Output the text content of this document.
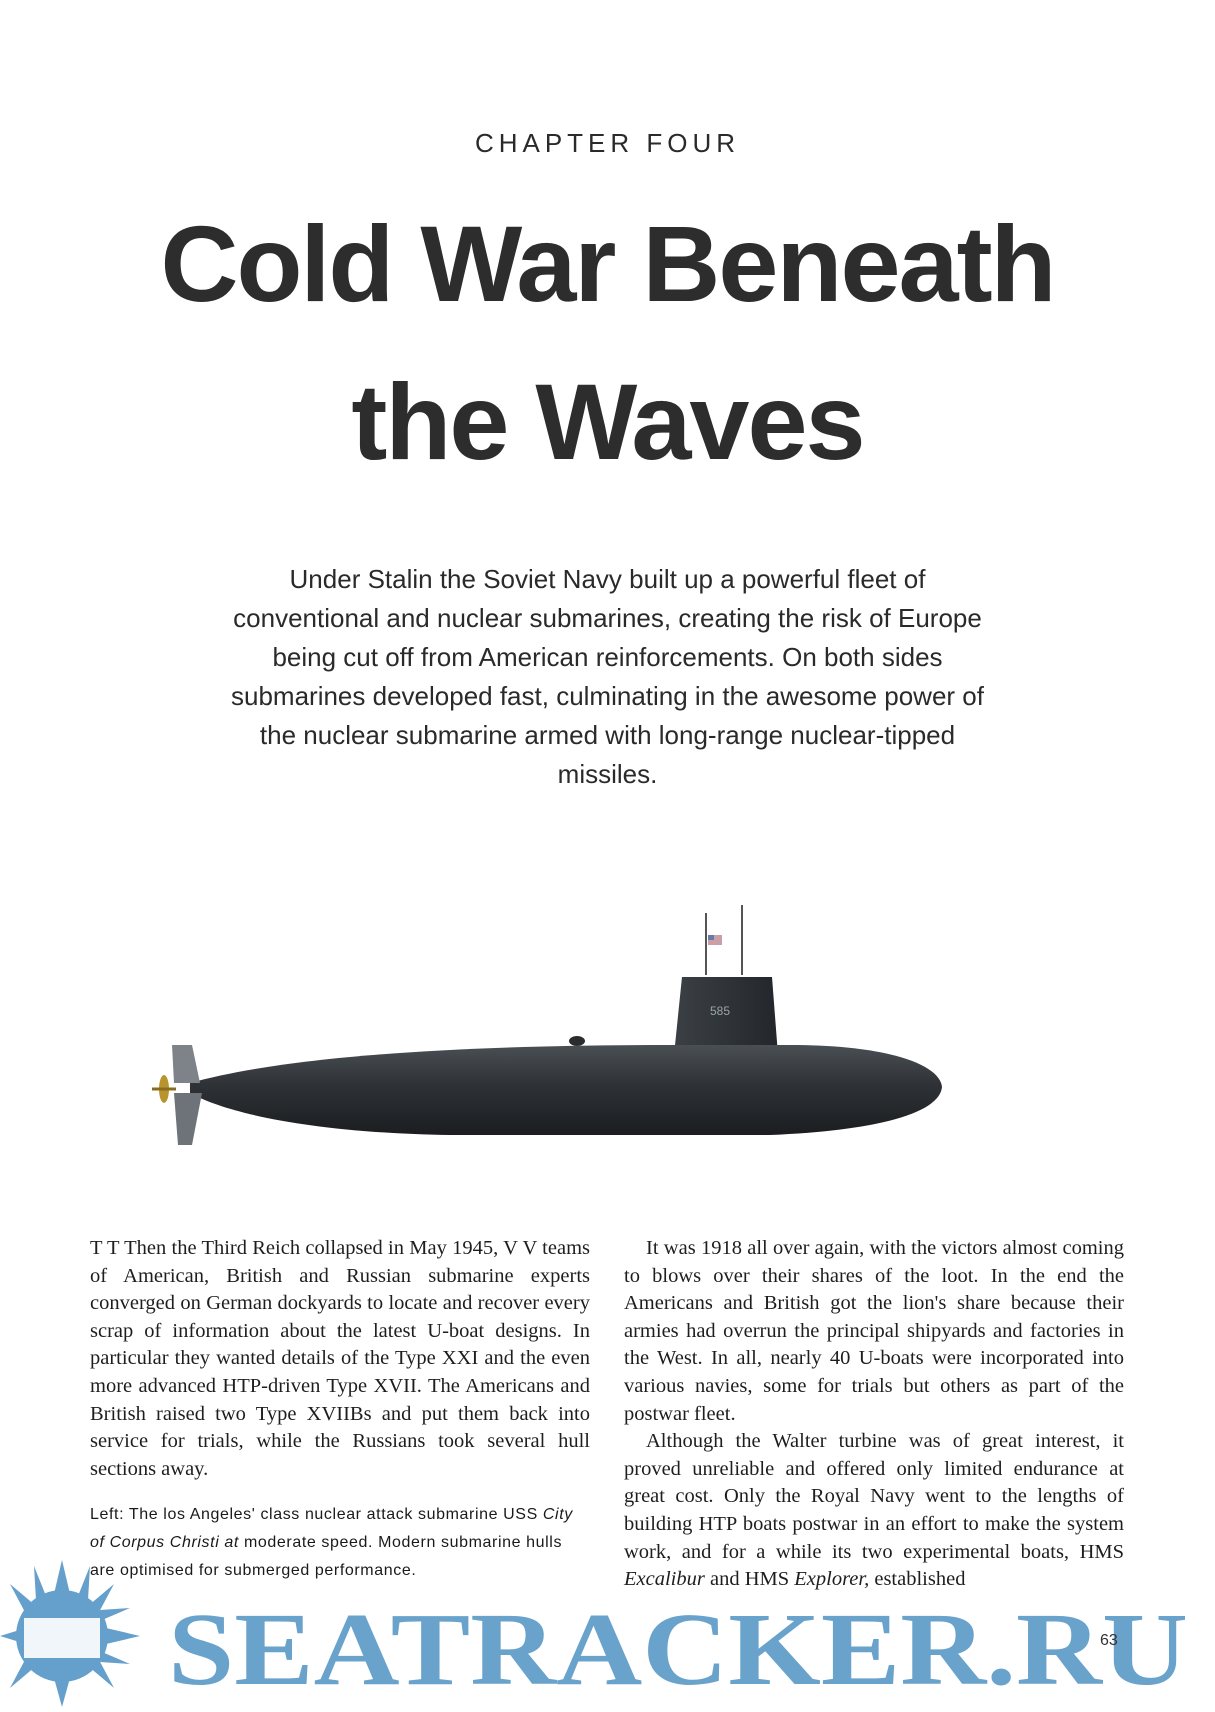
CHAPTER FOUR
Cold War Beneath
the Waves
Under Stalin the Soviet Navy built up a powerful fleet of conventional and nuclear submarines, creating the risk of Europe being cut off from American reinforcements. On both sides submarines developed fast, culminating in the awesome power of the nuclear submarine armed with long-range nuclear-tipped missiles.
585

T T Then the Third Reich collapsed in May 1945, V V teams of American, British and Russian submarine experts converged on German dockyards to locate and recover every scrap of information about the latest U-boat designs. In particular they wanted details of the Type XXI and the even more advanced HTP-driven Type XVII. The Americans and British raised two Type XVIIBs and put them back into service for trials, while the Russians took several hull sections away.

Left: The los Angeles' class nuclear attack submarine USS City of Corpus Christi at moderate speed. Modern submarine hulls are optimised for submerged performance.

It was 1918 all over again, with the victors almost coming to blows over their shares of the loot. In the end the Americans and British got the lion's share because their armies had overrun the principal shipyards and factories in the West. In all, nearly 40 U-boats were incorporated into various navies, some for trials but others as part of the postwar fleet.

Although the Walter turbine was of great interest, it proved unreliable and offered only limited endurance at great cost. Only the Royal Navy went to the lengths of building HTP boats postwar in an effort to make the system work, and for a while its two experimental boats, HMS Excalibur and HMS Explorer, established

SEATRACKER.RU
63
